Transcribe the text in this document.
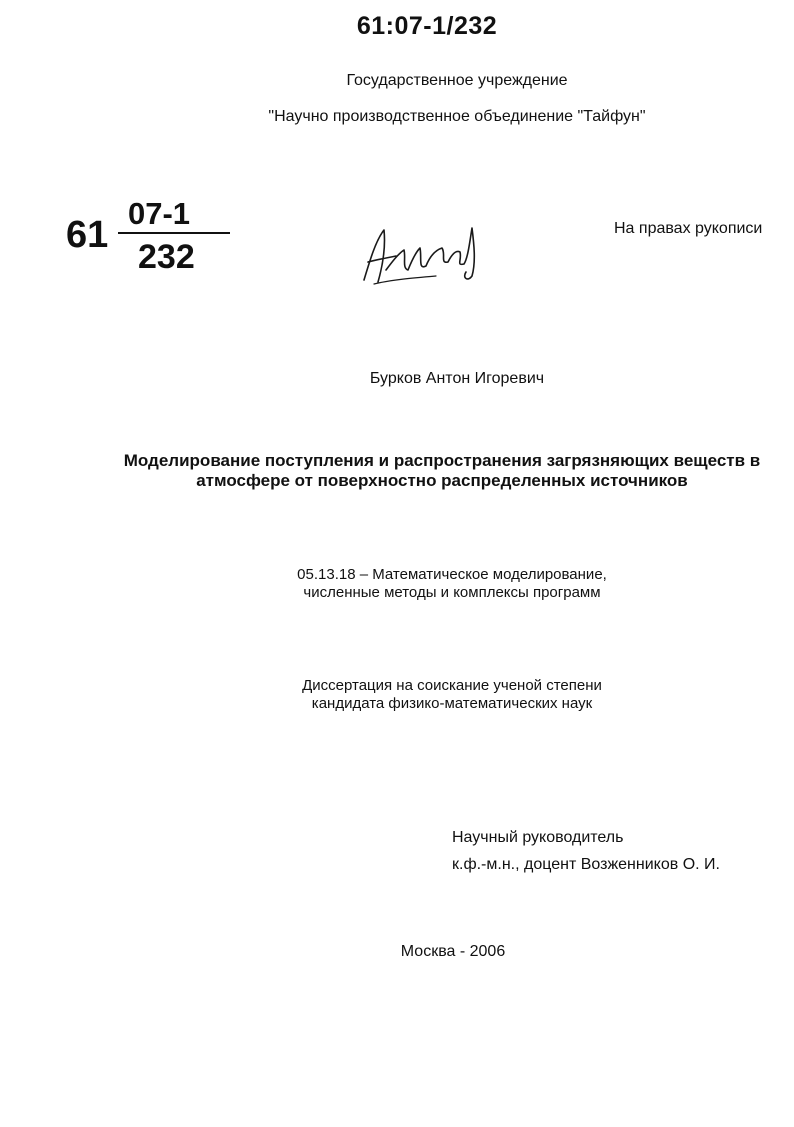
61:07-1/232
Государственное учреждение
"Научно производственное объединение "Тайфун"
61
07-1
232
На правах рукописи
Бурков Антон Игоревич
Моделирование поступления и распространения загрязняющих веществ в
атмосфере от поверхностно распределенных источников
05.13.18 – Математическое моделирование,
численные методы и комплексы программ
Диссертация на соискание ученой степени
кандидата физико-математических наук
Научный руководитель
к.ф.-м.н., доцент Возженников О. И.
Москва - 2006
